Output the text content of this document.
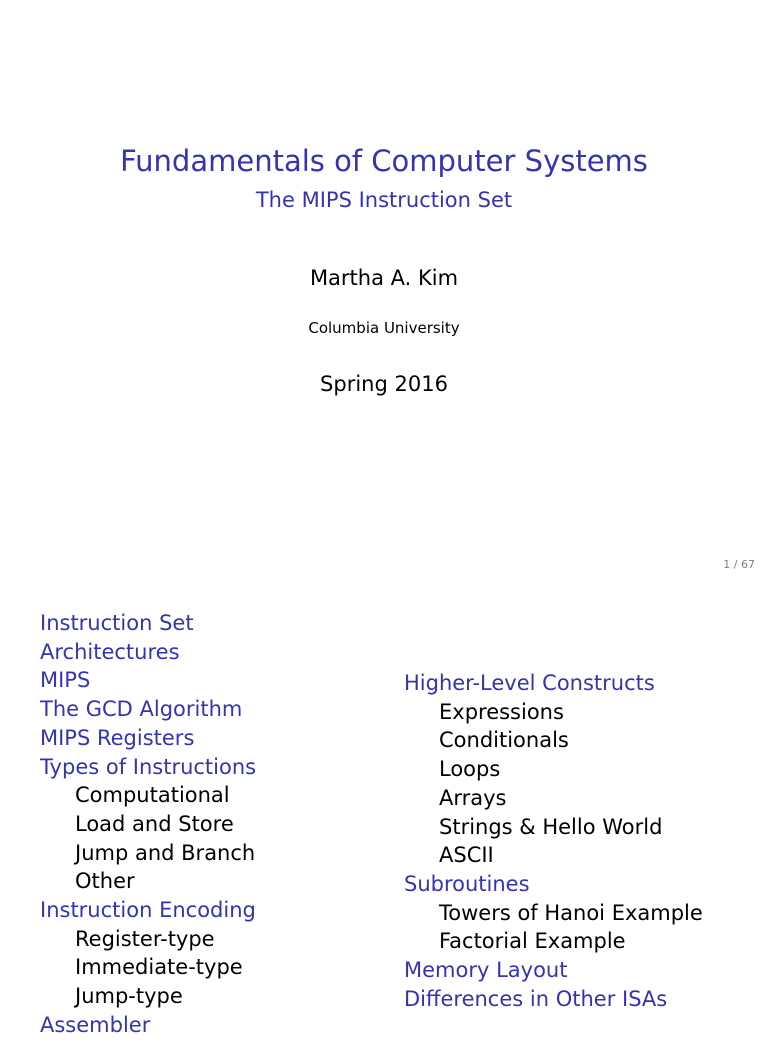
Fundamentals of Computer Systems
The MIPS Instruction Set
Martha A. Kim
Columbia University
Spring 2016
1 / 67
Instruction Set
Architectures
MIPS
The GCD Algorithm
MIPS Registers
Types of Instructions
Computational
Load and Store
Jump and Branch
Other
Instruction Encoding
Register-type
Immediate-type
Jump-type
Assembler
Higher-Level Constructs
Expressions
Conditionals
Loops
Arrays
Strings & Hello World
ASCII
Subroutines
Towers of Hanoi Example
Factorial Example
Memory Layout
Differences in Other ISAs
